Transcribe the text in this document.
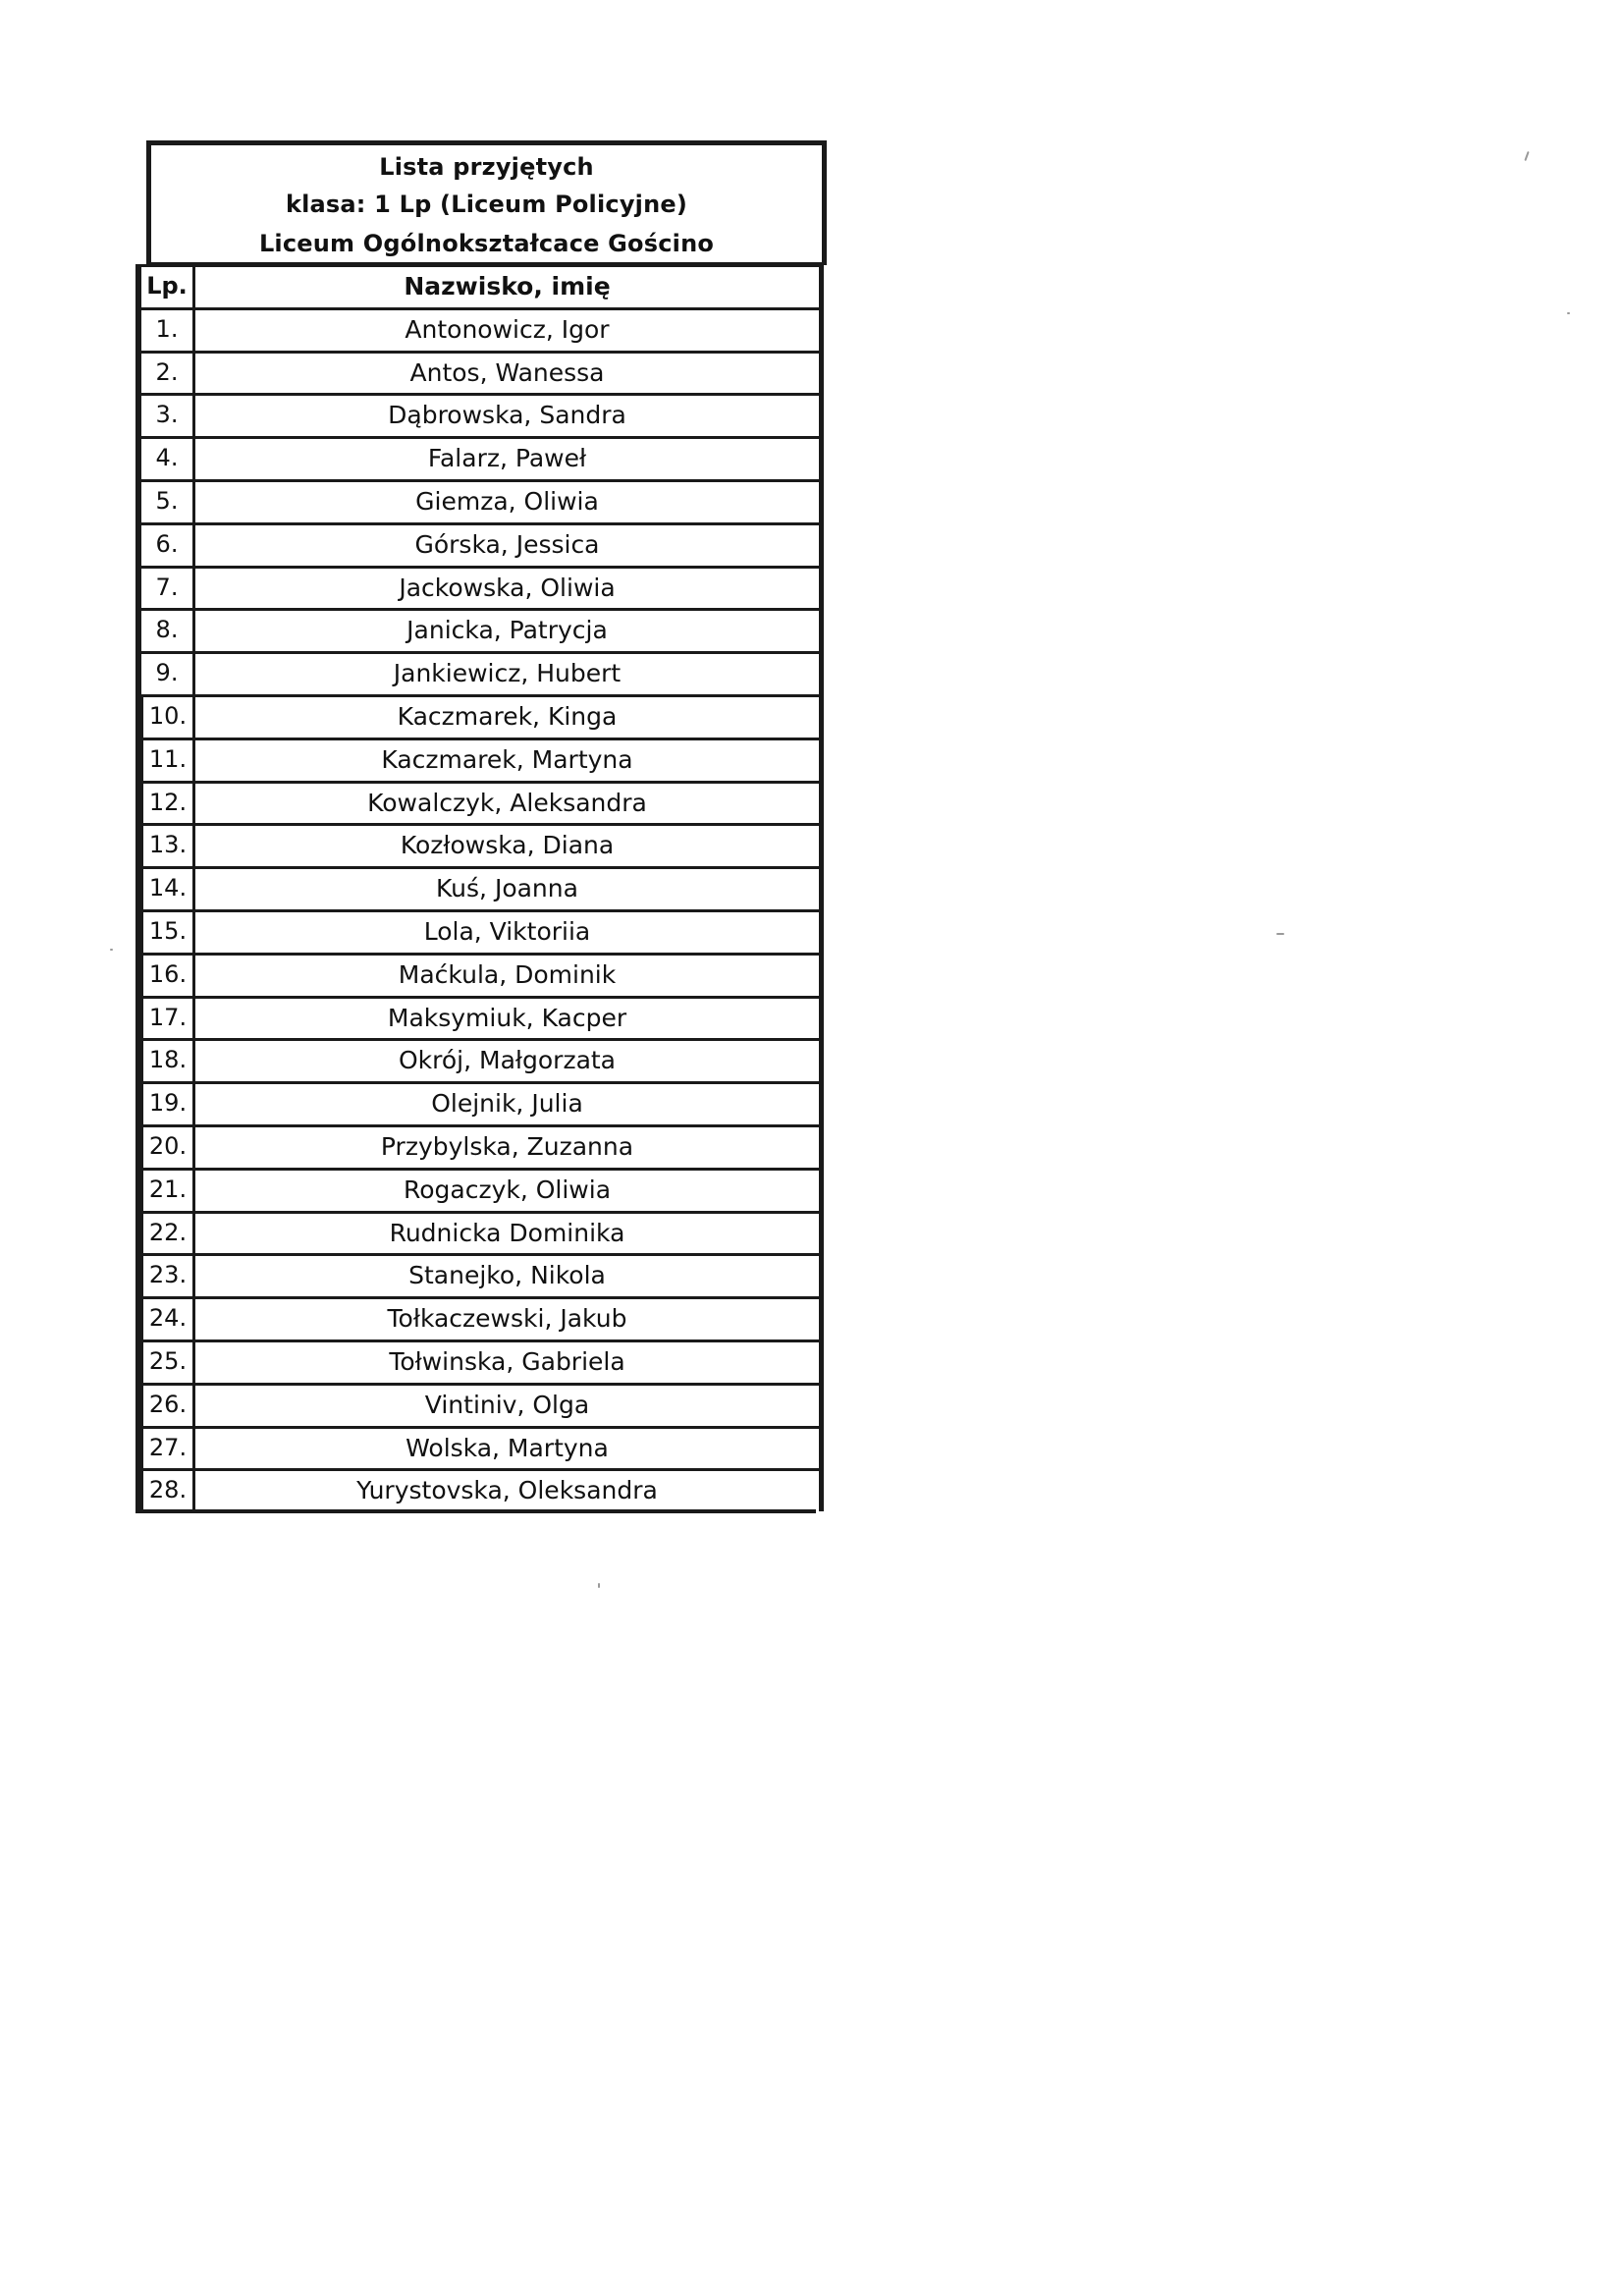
Lista przyjętych
klasa: 1 Lp (Liceum Policyjne)
Liceum Ogólnokształcace Gościno
Lp.	Nazwisko, imię
1.	Antonowicz, Igor
2.	Antos, Wanessa
3.	Dąbrowska, Sandra
4.	Falarz, Paweł
5.	Giemza, Oliwia
6.	Górska, Jessica
7.	Jackowska, Oliwia
8.	Janicka, Patrycja
9.	Jankiewicz, Hubert
10.	Kaczmarek, Kinga
11.	Kaczmarek, Martyna
12.	Kowalczyk, Aleksandra
13.	Kozłowska, Diana
14.	Kuś, Joanna
15.	Lola, Viktoriia
16.	Maćkula, Dominik
17.	Maksymiuk, Kacper
18.	Okrój, Małgorzata
19.	Olejnik, Julia
20.	Przybylska, Zuzanna
21.	Rogaczyk, Oliwia
22.	Rudnicka Dominika
23.	Stanejko, Nikola
24.	Tołkaczewski, Jakub
25.	Tołwinska, Gabriela
26.	Vintiniv, Olga
27.	Wolska, Martyna
28.	Yurystovska, Oleksandra
